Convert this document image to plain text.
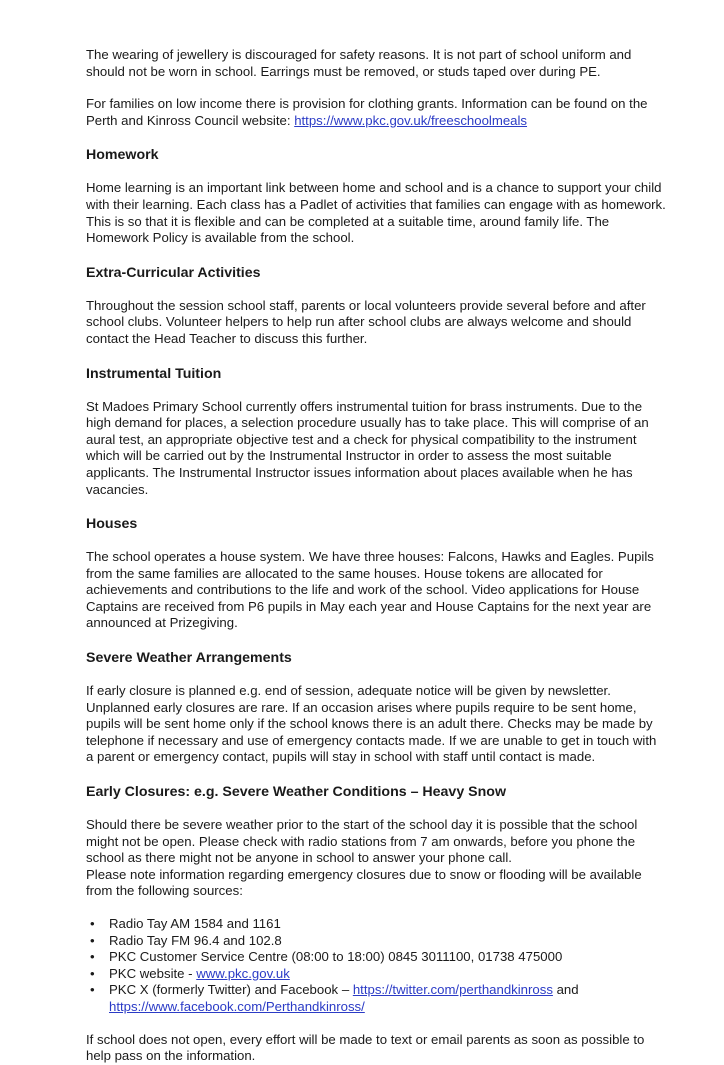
The wearing of jewellery is discouraged for safety reasons. It is not part of school uniform and should not be worn in school. Earrings must be removed, or studs taped over during PE.

For families on low income there is provision for clothing grants. Information can be found on the Perth and Kinross Council website: https://www.pkc.gov.uk/freeschoolmeals

Homework

Home learning is an important link between home and school and is a chance to support your child with their learning. Each class has a Padlet of activities that families can engage with as homework. This is so that it is flexible and can be completed at a suitable time, around family life. The Homework Policy is available from the school.

Extra-Curricular Activities

Throughout the session school staff, parents or local volunteers provide several before and after school clubs. Volunteer helpers to help run after school clubs are always welcome and should contact the Head Teacher to discuss this further.

Instrumental Tuition

St Madoes Primary School currently offers instrumental tuition for brass instruments. Due to the high demand for places, a selection procedure usually has to take place. This will comprise of an aural test, an appropriate objective test and a check for physical compatibility to the instrument which will be carried out by the Instrumental Instructor in order to assess the most suitable applicants. The Instrumental Instructor issues information about places available when he has vacancies.

Houses

The school operates a house system. We have three houses: Falcons, Hawks and Eagles. Pupils from the same families are allocated to the same houses. House tokens are allocated for achievements and contributions to the life and work of the school. Video applications for House Captains are received from P6 pupils in May each year and House Captains for the next year are announced at Prizegiving.

Severe Weather Arrangements

If early closure is planned e.g. end of session, adequate notice will be given by newsletter. Unplanned early closures are rare. If an occasion arises where pupils require to be sent home, pupils will be sent home only if the school knows there is an adult there. Checks may be made by telephone if necessary and use of emergency contacts made. If we are unable to get in touch with a parent or emergency contact, pupils will stay in school with staff until contact is made.

Early Closures: e.g. Severe Weather Conditions – Heavy Snow

Should there be severe weather prior to the start of the school day it is possible that the school might not be open. Please check with radio stations from 7 am onwards, before you phone the school as there might not be anyone in school to answer your phone call.

Please note information regarding emergency closures due to snow or flooding will be available from the following sources:

• Radio Tay AM 1584 and 1161
• Radio Tay FM 96.4 and 102.8
• PKC Customer Service Centre (08:00 to 18:00) 0845 3011100, 01738 475000
• PKC website - www.pkc.gov.uk
• PKC X (formerly Twitter) and Facebook – https://twitter.com/perthandkinross and https://www.facebook.com/Perthandkinross/

If school does not open, every effort will be made to text or email parents as soon as possible to help pass on the information.
